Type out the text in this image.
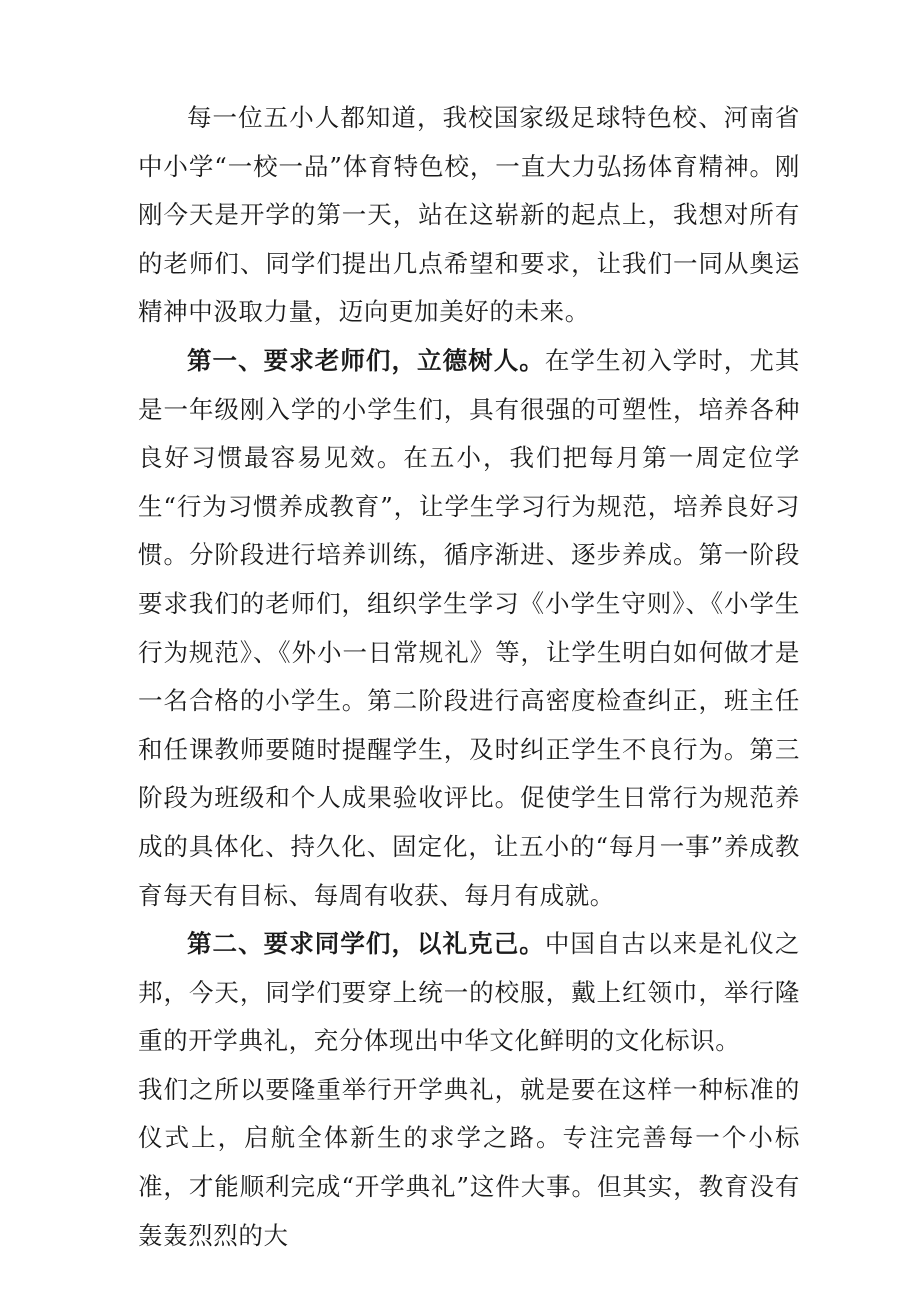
每一位五小人都知道，我校国家级足球特色校、河南省中小学“一校一品”体育特色校，一直大力弘扬体育精神。刚刚今天是开学的第一天，站在这崭新的起点上，我想对所有的老师们、同学们提出几点希望和要求，让我们一同从奥运精神中汲取力量，迈向更加美好的未来。

第一、要求老师们，立德树人。在学生初入学时，尤其是一年级刚入学的小学生们，具有很强的可塑性，培养各种良好习惯最容易见效。在五小，我们把每月第一周定位学生“行为习惯养成教育”，让学生学习行为规范，培养良好习惯。分阶段进行培养训练，循序渐进、逐步养成。第一阶段要求我们的老师们，组织学生学习《小学生守则》、《小学生行为规范》、《外小一日常规礼》等，让学生明白如何做才是一名合格的小学生。第二阶段进行高密度检查纠正，班主任和任课教师要随时提醒学生，及时纠正学生不良行为。第三阶段为班级和个人成果验收评比。促使学生日常行为规范养成的具体化、持久化、固定化，让五小的“每月一事”养成教育每天有目标、每周有收获、每月有成就。

第二、要求同学们，以礼克己。中国自古以来是礼仪之邦，今天，同学们要穿上统一的校服，戴上红领巾，举行隆重的开学典礼，充分体现出中华文化鲜明的文化标识。

我们之所以要隆重举行开学典礼，就是要在这样一种标准的仪式上，启航全体新生的求学之路。专注完善每一个小标准，才能顺利完成“开学典礼”这件大事。但其实，教育没有轰轰烈烈的大
